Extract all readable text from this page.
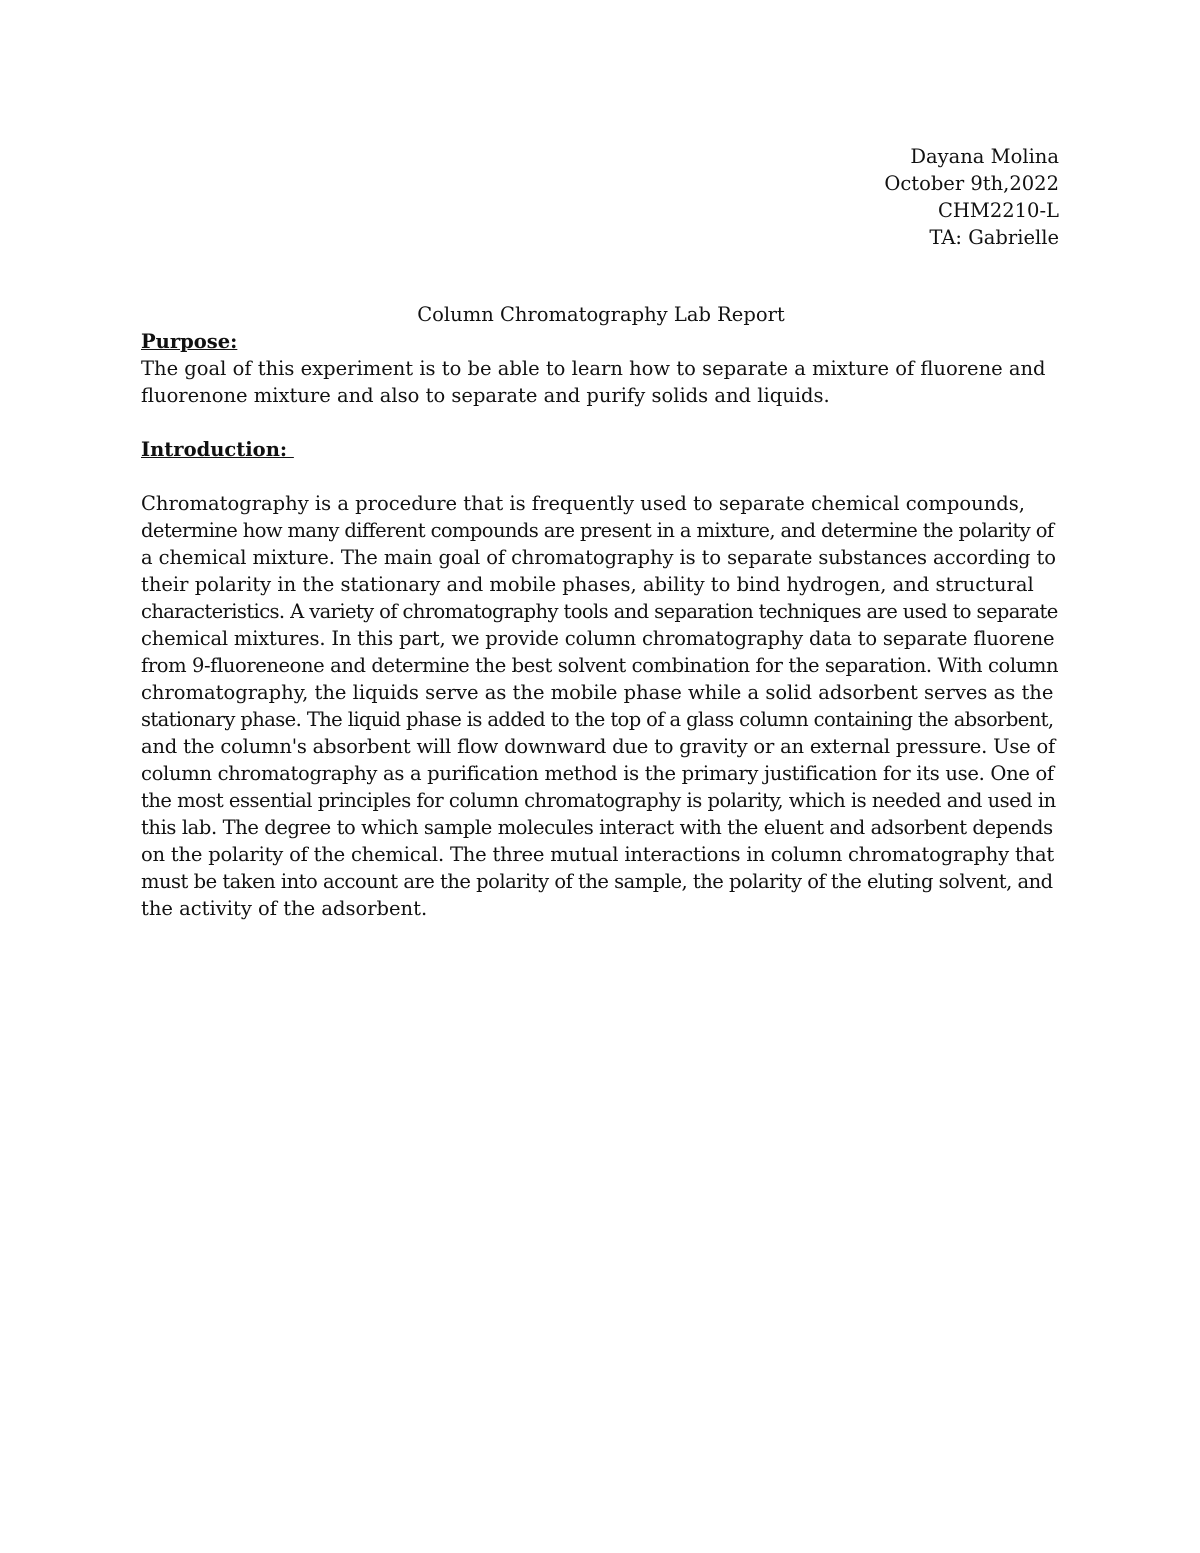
Dayana Molina
October 9th,2022
CHM2210-L
TA: Gabrielle
Column Chromatography Lab Report
Purpose:
The goal of this experiment is to be able to learn how to separate a mixture of fluorene and
fluorenone mixture and also to separate and purify solids and liquids.
Introduction:
Chromatography is a procedure that is frequently used to separate chemical compounds,
determine how many different compounds are present in a mixture, and determine the polarity of
a chemical mixture. The main goal of chromatography is to separate substances according to
their polarity in the stationary and mobile phases, ability to bind hydrogen, and structural
characteristics. A variety of chromatography tools and separation techniques are used to separate
chemical mixtures. In this part, we provide column chromatography data to separate fluorene
from 9-fluoreneone and determine the best solvent combination for the separation. With column
chromatography, the liquids serve as the mobile phase while a solid adsorbent serves as the
stationary phase. The liquid phase is added to the top of a glass column containing the absorbent,
and the column's absorbent will flow downward due to gravity or an external pressure. Use of
column chromatography as a purification method is the primary justification for its use. One of
the most essential principles for column chromatography is polarity, which is needed and used in
this lab. The degree to which sample molecules interact with the eluent and adsorbent depends
on the polarity of the chemical. The three mutual interactions in column chromatography that
must be taken into account are the polarity of the sample, the polarity of the eluting solvent, and
the activity of the adsorbent.
